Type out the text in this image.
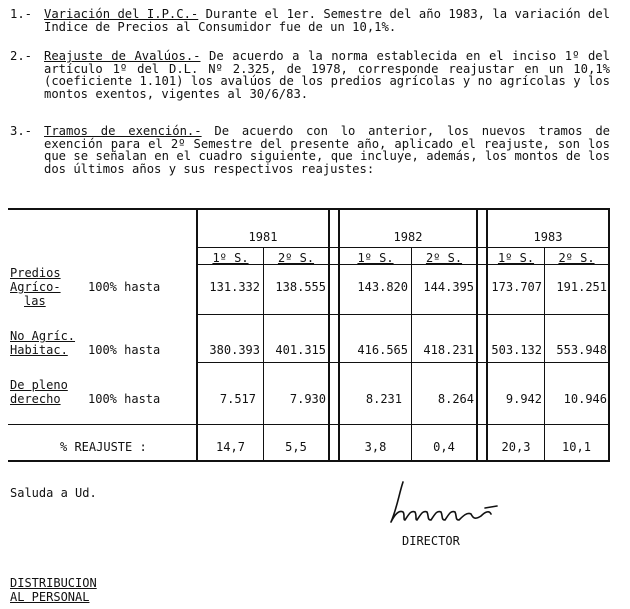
1.- Variación del I.P.C.- Durante el 1er. Semestre del año 1983, la variación del Indice de Precios al Consumidor fue de un 10,1%.
2.- Reajuste de Avalúos.- De acuerdo a la norma establecida en el inciso 1º del artículo 1º del D.L. Nº 2.325, de 1978, corresponde reajustar en un 10,1% (coeficiente 1.101) los avalúos de los predios agrícolas y no agrícolas y los montos exentos, vigentes al 30/6/83.
3.- Tramos de exención.- De acuerdo con lo anterior, los nuevos tramos de exención para el 2º Semestre del presente año, aplicado el reajuste, son los que se señalan en el cuadro siguiente, que incluye, además, los montos de los dos últimos años y sus respectivos reajustes:
1981	1982	1983
1º S.	2º S.	1º S.	2º S.	1º S.	2º S.
Predios
Agríco-
las
100% hasta	131.332	138.555	143.820	144.395 173.707	191.251
No Agríc.
Habitac. 100% hasta	380.393	401.315	416.565	418.231 503.132	553.948
De pleno
derecho 100% hasta	7.517	7.930	8.231	8.264	9.942	10.946
% REAJUSTE :	14,7	5,5	3,8	0,4	20,3	10,1
Saluda a Ud.
DIRECTOR
DISTRIBUCION
AL PERSONAL
